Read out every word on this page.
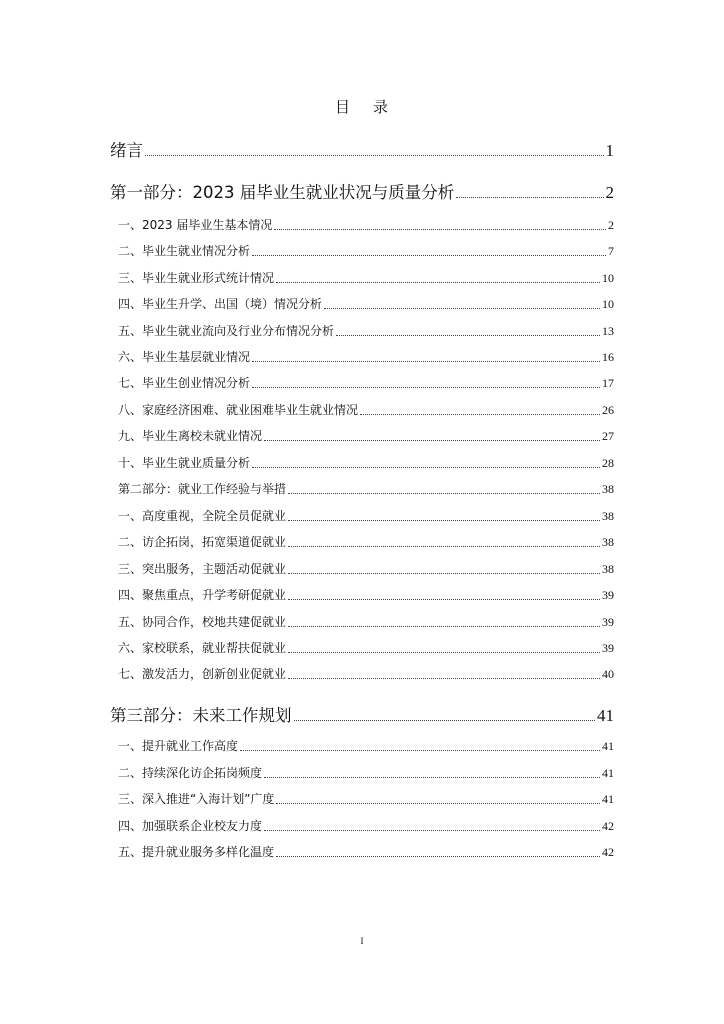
目 录
绪言	1
第一部分：2023 届毕业生就业状况与质量分析	2
一、2023 届毕业生基本情况	2
二、毕业生就业情况分析	7
三、毕业生就业形式统计情况	10
四、毕业生升学、出国（境）情况分析	10
五、毕业生就业流向及行业分布情况分析	13
六、毕业生基层就业情况	16
七、毕业生创业情况分析	17
八、家庭经济困难、就业困难毕业生就业情况	26
九、毕业生离校未就业情况	27
十、毕业生就业质量分析	28
第二部分：就业工作经验与举措	38
一、高度重视，全院全员促就业	38
二、访企拓岗，拓宽渠道促就业	38
三、突出服务，主题活动促就业	38
四、聚焦重点，升学考研促就业	39
五、协同合作，校地共建促就业	39
六、家校联系，就业帮扶促就业	39
七、激发活力，创新创业促就业	40
第三部分：未来工作规划	41
一、提升就业工作高度	41
二、持续深化访企拓岗频度	41
三、深入推进“入海计划”广度	41
四、加强联系企业校友力度	42
五、提升就业服务多样化温度	42
I
